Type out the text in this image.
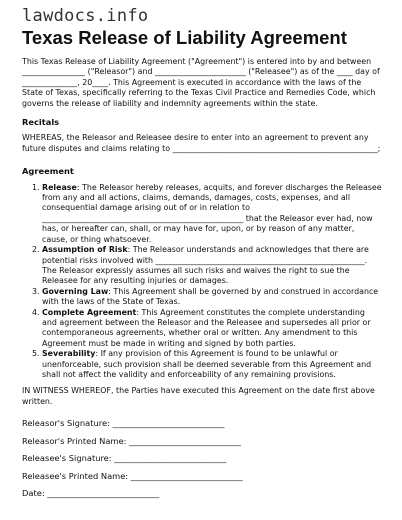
lawdocs.info
Texas Release of Liability Agreement

This Texas Release of Liability Agreement ("Agreement") is entered into by and between ________________ ("Releasor") and _______________________ ("Releasee") as of the ____ day of ______________, 20____. This Agreement is executed in accordance with the laws of the State of Texas, specifically referring to the Texas Civil Practice and Remedies Code, which governs the release of liability and indemnity agreements within the state.

Recitals

WHEREAS, the Releasor and Releasee desire to enter into an agreement to prevent any future disputes and claims relating to ____________________________________________________;

Agreement
1. Release: The Releasor hereby releases, acquits, and forever discharges the Releasee from any and all actions, claims, demands, damages, costs, expenses, and all consequential damage arising out of or in relation to ___________________________________________________ that the Releasor ever had, now has, or hereafter can, shall, or may have for, upon, or by reason of any matter, cause, or thing whatsoever.
2. Assumption of Risk: The Releasor understands and acknowledges that there are potential risks involved with _____________________________________________________. The Releasor expressly assumes all such risks and waives the right to sue the Releasee for any resulting injuries or damages.
3. Governing Law: This Agreement shall be governed by and construed in accordance with the laws of the State of Texas.
4. Complete Agreement: This Agreement constitutes the complete understanding and agreement between the Releasor and the Releasee and supersedes all prior or contemporaneous agreements, whether oral or written. Any amendment to this Agreement must be made in writing and signed by both parties.
5. Severability: If any provision of this Agreement is found to be unlawful or unenforceable, such provision shall be deemed severable from this Agreement and shall not affect the validity and enforceability of any remaining provisions.

IN WITNESS WHEREOF, the Parties have executed this Agreement on the date first above written.

Releasor's Signature: ___________________________
Releasor's Printed Name: ___________________________
Releasee's Signature: ___________________________
Releasee's Printed Name: ___________________________
Date: ___________________________
